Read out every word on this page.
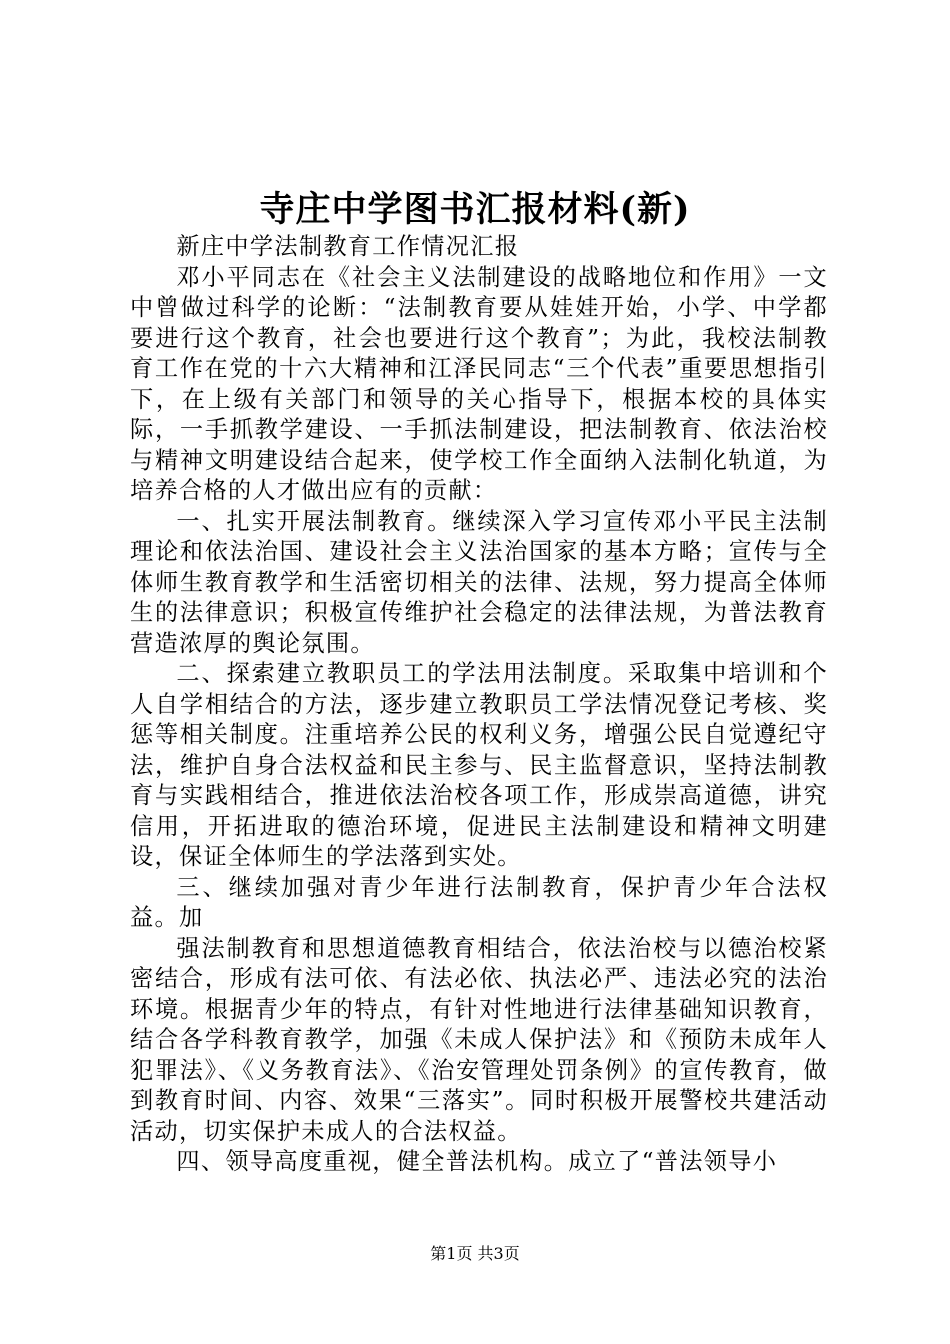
寺庄中学图书汇报材料(新)

新庄中学法制教育工作情况汇报

邓小平同志在《社会主义法制建设的战略地位和作用》一文中曾做过科学的论断：“法制教育要从娃娃开始，小学、中学都要进行这个教育，社会也要进行这个教育”；为此，我校法制教育工作在党的十六大精神和江泽民同志“三个代表”重要思想指引下，在上级有关部门和领导的关心指导下，根据本校的具体实际，一手抓教学建设、一手抓法制建设，把法制教育、依法治校与精神文明建设结合起来，使学校工作全面纳入法制化轨道，为培养合格的人才做出应有的贡献：

一、扎实开展法制教育。继续深入学习宣传邓小平民主法制理论和依法治国、建设社会主义法治国家的基本方略；宣传与全体师生教育教学和生活密切相关的法律、法规，努力提高全体师生的法律意识；积极宣传维护社会稳定的法律法规，为普法教育营造浓厚的舆论氛围。

二、探索建立教职员工的学法用法制度。采取集中培训和个人自学相结合的方法，逐步建立教职员工学法情况登记考核、奖惩等相关制度。注重培养公民的权利义务，增强公民自觉遵纪守法，维护自身合法权益和民主参与、民主监督意识，坚持法制教育与实践相结合，推进依法治校各项工作，形成崇高道德，讲究信用，开拓进取的德治环境，促进民主法制建设和精神文明建设，保证全体师生的学法落到实处。

三、继续加强对青少年进行法制教育，保护青少年合法权益。加

强法制教育和思想道德教育相结合，依法治校与以德治校紧密结合，形成有法可依、有法必依、执法必严、违法必究的法治环境。根据青少年的特点，有针对性地进行法律基础知识教育，结合各学科教育教学，加强《未成人保护法》和《预防未成年人犯罪法》、《义务教育法》、《治安管理处罚条例》的宣传教育，做到教育时间、内容、效果“三落实”。同时积极开展警校共建活动活动，切实保护未成人的合法权益。

四、领导高度重视，健全普法机构。成立了“普法领导小

第1页 共3页
